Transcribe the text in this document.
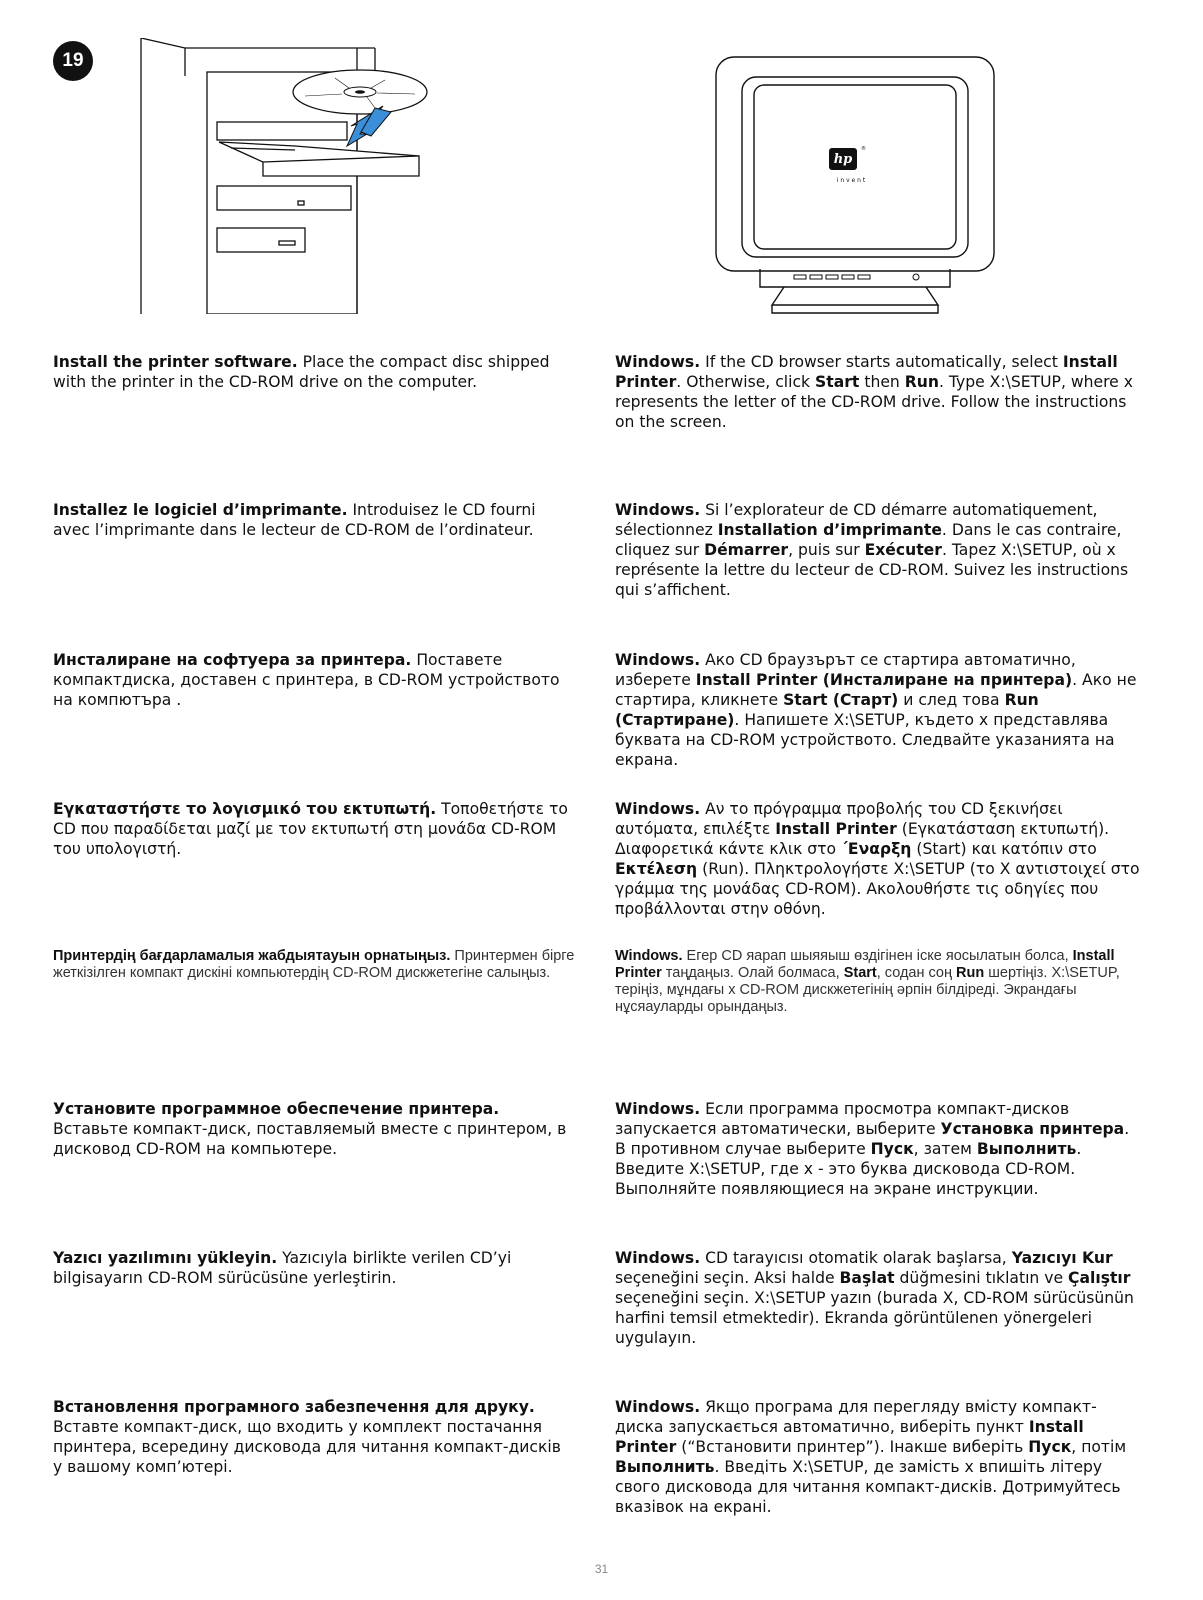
19
hp
®
i n v e n t

Install the printer software. Place the compact disc shipped with the printer in the CD-ROM drive on the computer.

Windows. If the CD browser starts automatically, select Install Printer. Otherwise, click Start then Run. Type X:\SETUP, where x represents the letter of the CD-ROM drive. Follow the instructions on the screen.

Installez le logiciel d’imprimante. Introduisez le CD fourni avec l’imprimante dans le lecteur de CD-ROM de l’ordinateur.

Windows. Si l’explorateur de CD démarre automatiquement, sélectionnez Installation d’imprimante. Dans le cas contraire, cliquez sur Démarrer, puis sur Exécuter. Tapez X:\SETUP, où x représente la lettre du lecteur de CD-ROM. Suivez les instructions qui s’affichent.

Инсталиране на софтуера за принтера. Поставете компактдиска, доставен с принтера, в CD-ROM устройството на компютъра .

Windows. Ако CD браузърът се стартира автоматично, изберете Install Printer (Инсталиране на принтера). Ако не стартира, кликнете Start (Старт) и след това Run (Стартиране). Напишете X:\SETUP, където x представлява буквата на CD-ROM устройството. Следвайте указанията на екрана.

Εγκαταστήστε το λογισμικό του εκτυπωτή. Τοποθετήστε το CD που παραδίδεται μαζί με τον εκτυπωτή στη μονάδα CD-ROM του υπολογιστή.

Windows. Αν το πρόγραμμα προβολής του CD ξεκινήσει αυτόματα, επιλέξτε Install Printer (Εγκατάσταση εκτυπωτή). Διαφορετικά κάντε κλικ στο ΄Εναρξη (Start) και κατόπιν στο Εκτέλεση (Run). Πληκτρολογήστε X:\SETUP (το X αντιστοιχεί στο γράμμα της μονάδας CD-ROM). Ακολουθήστε τις οδηγίες που προβάλλονται στην οθόνη.

Принтердің бағдарламалыя жабдыятауын орнатыңыз. Принтермен бірге жеткізілген компакт дискіні компьютердің CD-ROM дискжетегіне салыңыз.

Windows. Егер CD яарап шыяяыш өздігінен іске яосылатын болса, Install Printer таңдаңыз. Олай болмаса, Start, содан соң Run шертіңіз. X:\SETUP, теріңіз, мұндағы x CD-ROM дискжетегінің әрпін білдіреді. Экрандағы нұсяауларды орындаңыз.

Установите программное обеспечение принтера. Вставьте компакт-диск, поставляемый вместе с принтером, в дисковод CD-ROM на компьютере.

Windows. Если программа просмотра компакт-дисков запускается автоматически, выберите Установка принтера. В противном случае выберите Пуск, затем Выполнить. Введите X:\SETUP, где x - это буква дисковода CD-ROM. Выполняйте появляющиеся на экране инструкции.

Yazıcı yazılımını yükleyin. Yazıcıyla birlikte verilen CD’yi bilgisayarın CD-ROM sürücüsüne yerleştirin.

Windows. CD tarayıcısı otomatik olarak başlarsa, Yazıcıyı Kur seçeneğini seçin. Aksi halde Başlat düğmesini tıklatın ve Çalıştır seçeneğini seçin. X:\SETUP yazın (burada X, CD-ROM sürücüsünün harfini temsil etmektedir). Ekranda görüntülenen yönergeleri uygulayın.

Встановлення програмного забезпечення для друку. Вставте компакт-диск, що входить у комплект постачання принтера, всередину дисковода для читання компакт-дисків у вашому комп’ютері.

Windows. Якщо програма для перегляду вмісту компакт-диска запускається автоматично, виберіть пункт Install Printer (“Встановити принтер”). Інакше виберіть Пуск, потім Выполнить. Введіть X:\SETUP, де замість x впишіть літеру свого дисковода для читання компакт-дисків. Дотримуйтесь вказівок на екрані.

31
